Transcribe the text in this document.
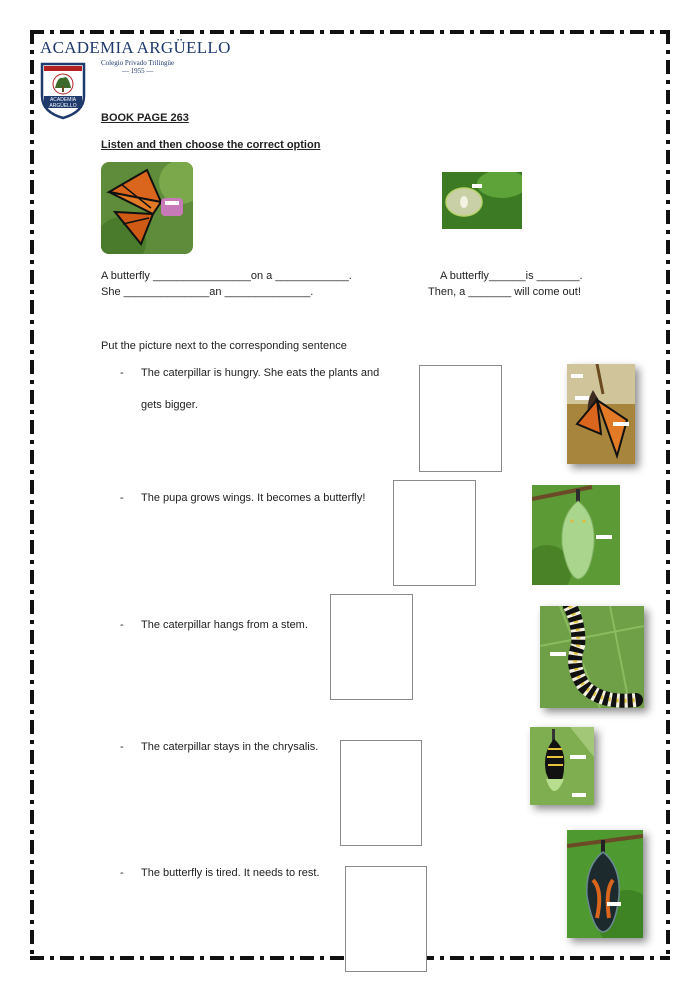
ACADEMIA ARGÜELLO
Colegio Privado Trilingüe
— 1955 —
ACADEMIA
ARGÜELLO
BOOK PAGE 263
Listen and then choose the correct option
A butterfly ________________on a ____________.
She ______________an ______________.
A butterfly______is _______.
Then, a _______ will come out!
Put the picture next to the corresponding sentence
- The caterpillar is hungry. She eats the plants and
gets bigger.
- The pupa grows wings. It becomes a butterfly!
- The caterpillar hangs from a stem.
- The caterpillar stays in the chrysalis.
- The butterfly is tired. It needs to rest.
